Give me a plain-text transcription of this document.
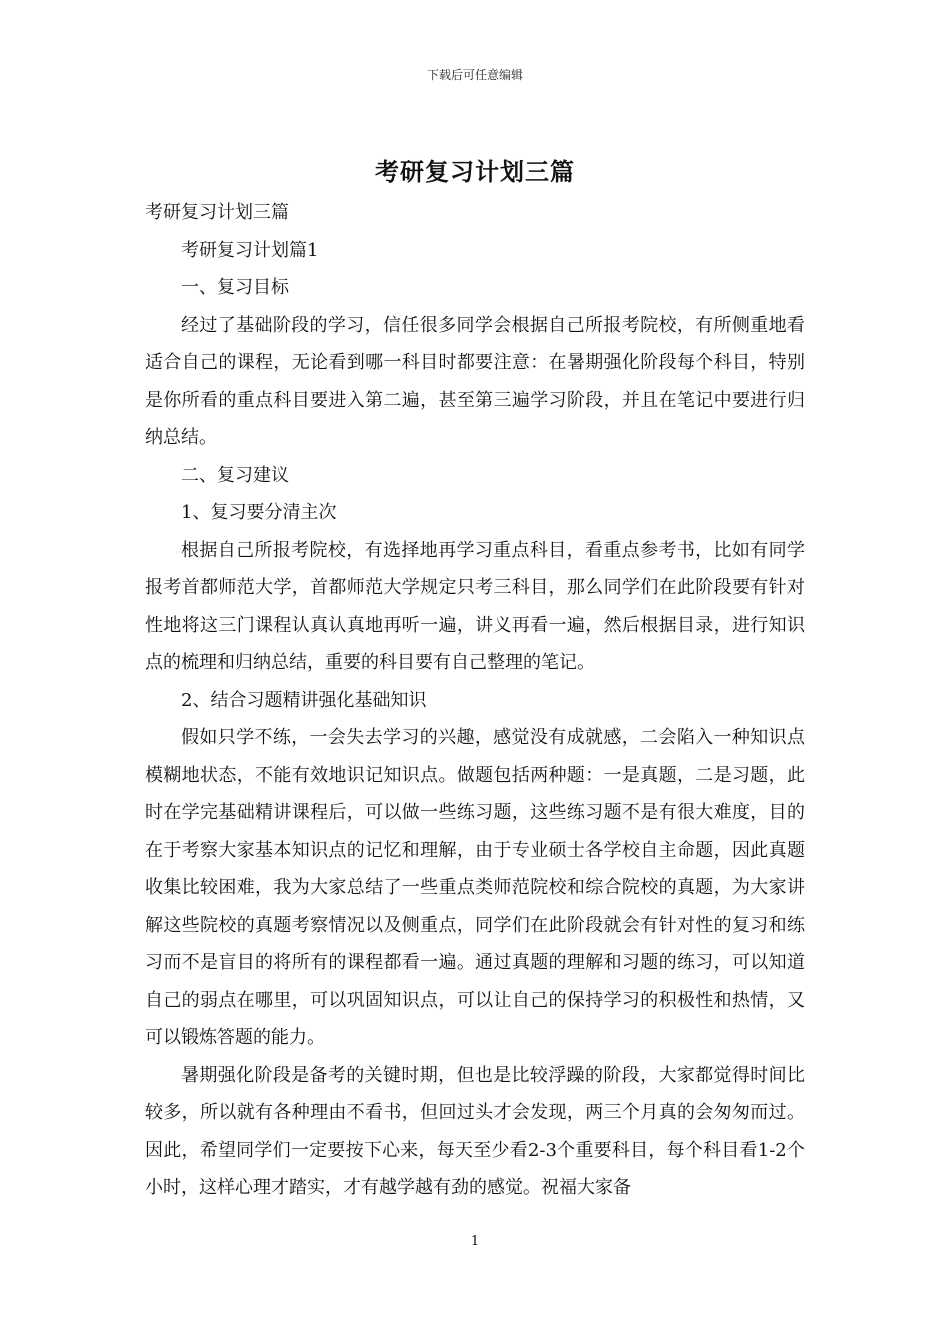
下载后可任意编辑
考研复习计划三篇

考研复习计划三篇

考研复习计划篇1

一、复习目标

经过了基础阶段的学习，信任很多同学会根据自己所报考院校，有所侧重地看适合自己的课程，无论看到哪一科目时都要注意：在暑期强化阶段每个科目，特别是你所看的重点科目要进入第二遍，甚至第三遍学习阶段，并且在笔记中要进行归纳总结。

二、复习建议

1、复习要分清主次

根据自己所报考院校，有选择地再学习重点科目，看重点参考书，比如有同学报考首都师范大学，首都师范大学规定只考三科目，那么同学们在此阶段要有针对性地将这三门课程认真认真地再听一遍，讲义再看一遍，然后根据目录，进行知识点的梳理和归纳总结，重要的科目要有自己整理的笔记。

2、结合习题精讲强化基础知识

假如只学不练，一会失去学习的兴趣，感觉没有成就感，二会陷入一种知识点模糊地状态，不能有效地识记知识点。做题包括两种题：一是真题，二是习题，此时在学完基础精讲课程后，可以做一些练习题，这些练习题不是有很大难度，目的在于考察大家基本知识点的记忆和理解，由于专业硕士各学校自主命题，因此真题收集比较困难，我为大家总结了一些重点类师范院校和综合院校的真题，为大家讲解这些院校的真题考察情况以及侧重点，同学们在此阶段就会有针对性的复习和练习而不是盲目的将所有的课程都看一遍。通过真题的理解和习题的练习，可以知道自己的弱点在哪里，可以巩固知识点，可以让自己的保持学习的积极性和热情，又可以锻炼答题的能力。

暑期强化阶段是备考的关键时期，但也是比较浮躁的阶段，大家都觉得时间比较多，所以就有各种理由不看书，但回过头才会发现，两三个月真的会匆匆而过。因此，希望同学们一定要按下心来，每天至少看2-3个重要科目，每个科目看1-2个小时，这样心理才踏实，才有越学越有劲的感觉。祝福大家备

1
